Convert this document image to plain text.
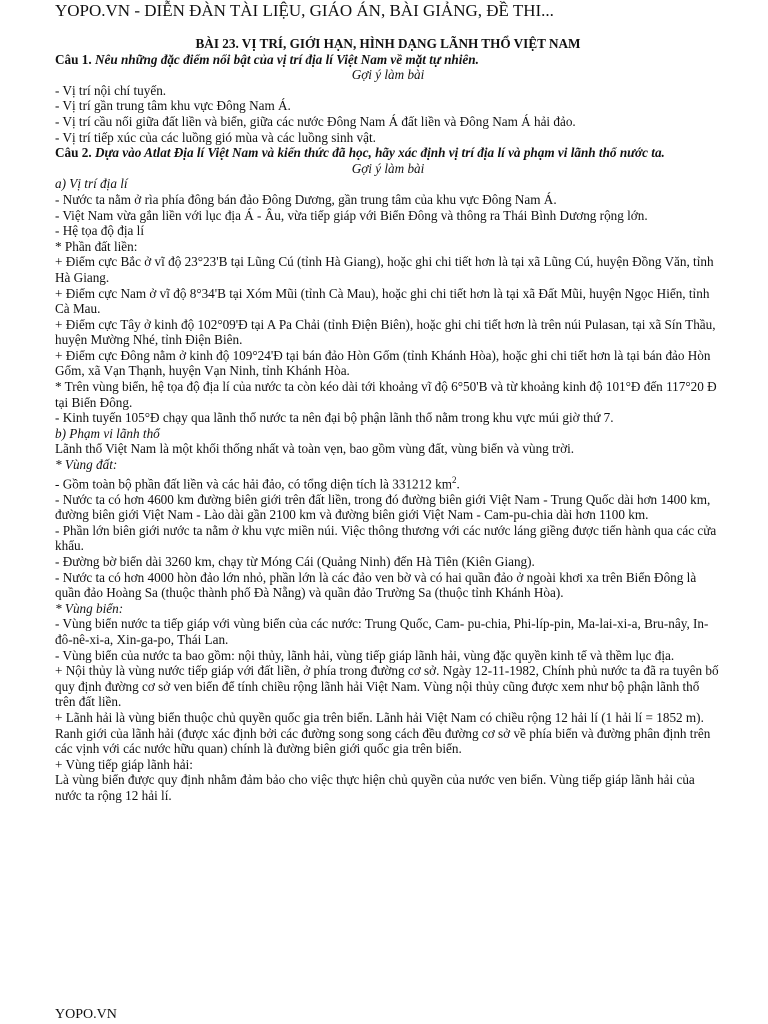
YOPO.VN - DIỄN ĐÀN TÀI LIỆU, GIÁO ÁN, BÀI GIẢNG, ĐỀ THI...

BÀI 23. VỊ TRÍ, GIỚI HẠN, HÌNH DẠNG LÃNH THỔ VIỆT NAM

Câu 1. Nêu những đặc điểm nổi bật của vị trí địa lí Việt Nam về mặt tự nhiên.

Gợi ý làm bài

- Vị trí nội chí tuyến.

- Vị trí gần trung tâm khu vực Đông Nam Á.

- Vị trí cầu nối giữa đất liền và biển, giữa các nước Đông Nam Á đất liền và Đông Nam Á hải đảo.

- Vị trí tiếp xúc của các luồng gió mùa và các luồng sinh vật.

Câu 2. Dựa vào Atlat Địa lí Việt Nam và kiến thức đã học, hãy xác định vị trí địa lí và phạm vi lãnh thổ nước ta.

Gợi ý làm bài

a) Vị trí địa lí

- Nước ta nằm ở rìa phía đông bán đảo Đông Dương, gần trung tâm của khu vực Đông Nam Á.

- Việt Nam vừa gắn liền với lục địa Á - Âu, vừa tiếp giáp với Biển Đông và thông ra Thái Bình Dương rộng lớn.

- Hệ tọa độ địa lí

* Phần đất liền:

+ Điểm cực Bắc ở vĩ độ 23°23'B tại Lũng Cú (tỉnh Hà Giang), hoặc ghi chi tiết hơn là tại xã Lũng Cú, huyện Đồng Văn, tỉnh Hà Giang.

+ Điểm cực Nam ở vĩ độ 8°34'B tại Xóm Mũi (tỉnh Cà Mau), hoặc ghi chi tiết hơn là tại xã Đất Mũi, huyện Ngọc Hiển, tỉnh Cà Mau.

+ Điểm cực Tây ở kinh độ 102°09'Đ tại A Pa Chải (tỉnh Điện Biên), hoặc ghi chi tiết hơn là trên núi Pulasan, tại xã Sín Thầu, huyện Mường Nhé, tỉnh Điện Biên.

+ Điểm cực Đông nằm ở kinh độ 109°24'Đ tại bán đảo Hòn Gốm (tỉnh Khánh Hòa), hoặc ghi chi tiết hơn là tại bán đảo Hòn Gốm, xã Vạn Thạnh, huyện Vạn Ninh, tỉnh Khánh Hòa.

* Trên vùng biển, hệ tọa độ địa lí của nước ta còn kéo dài tới khoảng vĩ độ 6°50'B và từ khoảng kinh độ 101°Đ đến 117°20 Đ tại Biển Đông.

- Kinh tuyến 105°Đ chạy qua lãnh thổ nước ta nên đại bộ phận lãnh thổ nằm trong khu vực múi giờ thứ 7.

b) Phạm vi lãnh thổ

Lãnh thổ Việt Nam là một khối thống nhất và toàn vẹn, bao gồm vùng đất, vùng biển và vùng trời.

* Vùng đất:

- Gồm toàn bộ phần đất liền và các hải đảo, có tổng diện tích là 331212 $km^2$.

- Nước ta có hơn 4600 km đường biên giới trên đất liền, trong đó đường biên giới Việt Nam - Trung Quốc dài hơn 1400 km, đường biên giới Việt Nam - Lào dài gần 2100 km và đường biên giới Việt Nam - Cam-pu-chia dài hơn 1100 km.

- Phần lớn biên giới nước ta nằm ở khu vực miền núi. Việc thông thương với các nước láng giềng được tiến hành qua các cửa khẩu.

- Đường bờ biển dài 3260 km, chạy từ Móng Cái (Quảng Ninh) đến Hà Tiên (Kiên Giang).

- Nước ta có hơn 4000 hòn đảo lớn nhỏ, phần lớn là các đảo ven bờ và có hai quần đảo ở ngoài khơi xa trên Biển Đông là quần đảo Hoàng Sa (thuộc thành phố Đà Nẵng) và quần đảo Trường Sa (thuộc tỉnh Khánh Hòa).

* Vùng biển:

- Vùng biển nước ta tiếp giáp với vùng biển của các nước: Trung Quốc, Cam- pu-chia, Phi-líp-pin, Ma-lai-xi-a, Bru-nây, In-đô-nê-xi-a, Xin-ga-po, Thái Lan.

- Vùng biển của nước ta bao gồm: nội thủy, lãnh hải, vùng tiếp giáp lãnh hải, vùng đặc quyền kinh tế và thềm lục địa.

+ Nội thủy là vùng nước tiếp giáp với đất liền, ở phía trong đường cơ sở. Ngày 12-11-1982, Chính phủ nước ta đã ra tuyên bố quy định đường cơ sở ven biển để tính chiều rộng lãnh hải Việt Nam. Vùng nội thủy cũng được xem như bộ phận lãnh thổ trên đất liền.

+ Lãnh hải là vùng biển thuộc chủ quyền quốc gia trên biển. Lãnh hải Việt Nam có chiều rộng 12 hải lí (1 hải lí = 1852 m). Ranh giới của lãnh hải (được xác định bởi các đường song song cách đều đường cơ sở về phía biển và đường phân định trên các vịnh với các nước hữu quan) chính là đường biên giới quốc gia trên biển.

+ Vùng tiếp giáp lãnh hải:

Là vùng biển được quy định nhằm đảm bảo cho việc thực hiện chủ quyền của nước ven biển. Vùng tiếp giáp lãnh hải của nước ta rộng 12 hải lí.

YOPO.VN
